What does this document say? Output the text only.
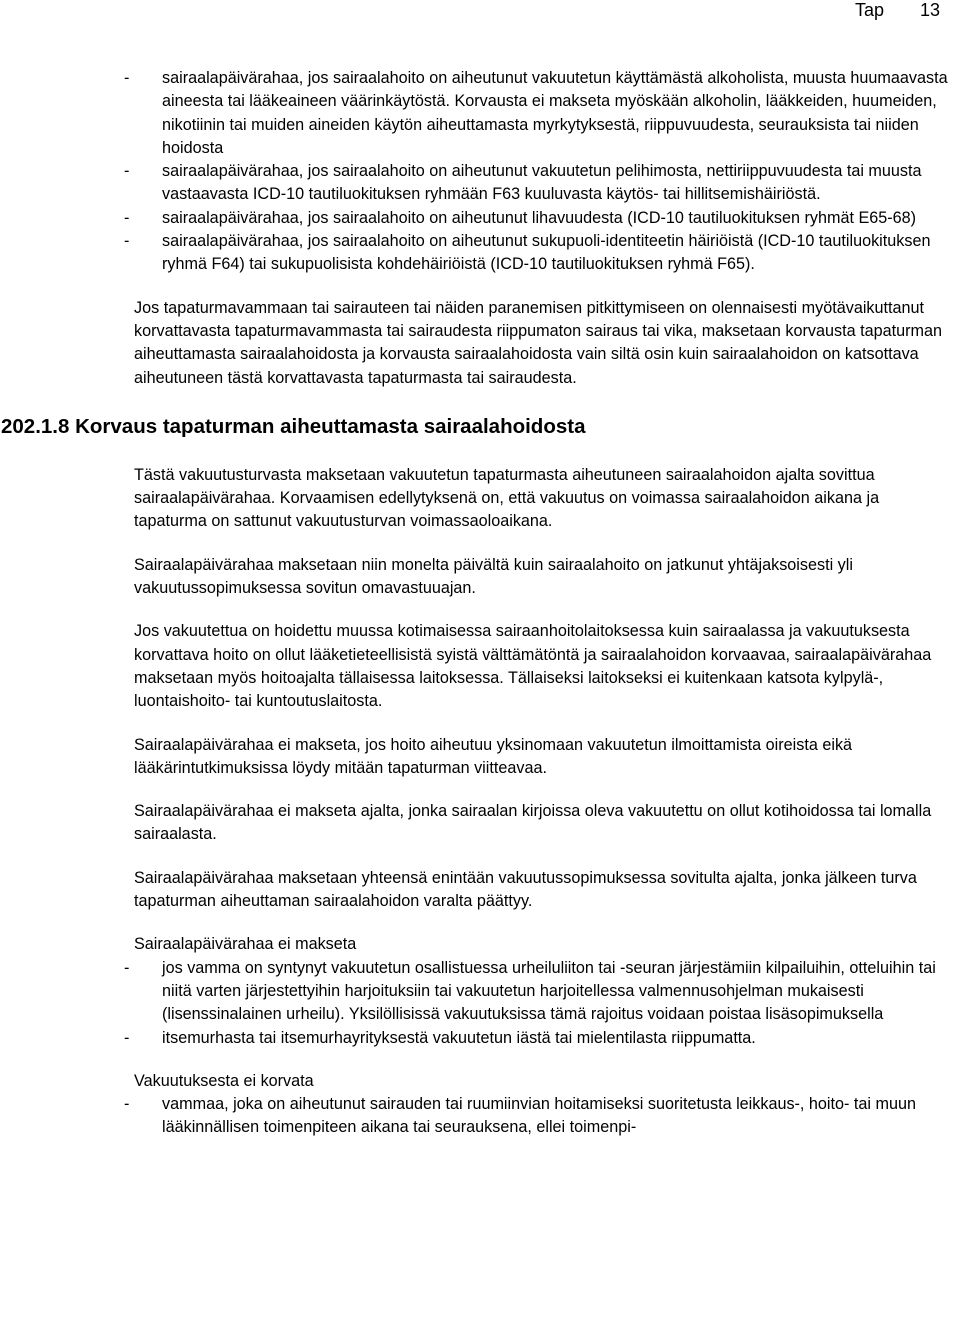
Tap 13
- sairaalapäivärahaa, jos sairaalahoito on aiheutunut vakuutetun käyttämästä alkoholista, muusta huumaavasta aineesta tai lääkeaineen väärinkäytöstä. Korvausta ei makseta myöskään alkoholin, lääkkeiden, huumeiden, nikotiinin tai muiden aineiden käytön aiheuttamasta myrkytyksestä, riippuvuudesta, seurauksista tai niiden hoidosta
- sairaalapäivärahaa, jos sairaalahoito on aiheutunut vakuutetun pelihimosta, nettiriippuvuudesta tai muusta vastaavasta ICD-10 tautiluokituksen ryhmään F63 kuuluvasta käytös- tai hillitsemishäiriöstä.
- sairaalapäivärahaa, jos sairaalahoito on aiheutunut lihavuudesta (ICD-10 tautiluokituksen ryhmät E65-68)
- sairaalapäivärahaa, jos sairaalahoito on aiheutunut sukupuoli-identiteetin häiriöistä (ICD-10 tautiluokituksen ryhmä F64) tai sukupuolisista kohdehäiriöistä (ICD-10 tautiluokituksen ryhmä F65).

Jos tapaturmavammaan tai sairauteen tai näiden paranemisen pitkittymiseen on olennaisesti myötävaikuttanut korvattavasta tapaturmavammasta tai sairaudesta riippumaton sairaus tai vika, maksetaan korvausta tapaturman aiheuttamasta sairaalahoidosta ja korvausta sairaalahoidosta vain siltä osin kuin sairaalahoidon on katsottava aiheutuneen tästä korvattavasta tapaturmasta tai sairaudesta.

202.1.8 Korvaus tapaturman aiheuttamasta sairaalahoidosta

Tästä vakuutusturvasta maksetaan vakuutetun tapaturmasta aiheutuneen sairaalahoidon ajalta sovittua sairaalapäivärahaa. Korvaamisen edellytyksenä on, että vakuutus on voimassa sairaalahoidon aikana ja tapaturma on sattunut vakuutusturvan voimassaoloaikana.

Sairaalapäivärahaa maksetaan niin monelta päivältä kuin sairaalahoito on jatkunut yhtäjaksoisesti yli vakuutussopimuksessa sovitun omavastuuajan.

Jos vakuutettua on hoidettu muussa kotimaisessa sairaanhoitolaitoksessa kuin sairaalassa ja vakuutuksesta korvattava hoito on ollut lääketieteellisistä syistä välttämätöntä ja sairaalahoidon korvaavaa, sairaalapäivärahaa maksetaan myös hoitoajalta tällaisessa laitoksessa. Tällaiseksi laitokseksi ei kuitenkaan katsota kylpylä-, luontaishoito- tai kuntoutuslaitosta.

Sairaalapäivärahaa ei makseta, jos hoito aiheutuu yksinomaan vakuutetun ilmoittamista oireista eikä lääkärintutkimuksissa löydy mitään tapaturman viitteavaa.

Sairaalapäivärahaa ei makseta ajalta, jonka sairaalan kirjoissa oleva vakuutettu on ollut kotihoidossa tai lomalla sairaalasta.

Sairaalapäivärahaa maksetaan yhteensä enintään vakuutussopimuksessa sovitulta ajalta, jonka jälkeen turva tapaturman aiheuttaman sairaalahoidon varalta päättyy.

Sairaalapäivärahaa ei makseta

- jos vamma on syntynyt vakuutetun osallistuessa urheiluliiton tai -seuran järjestämiin kilpailuihin, otteluihin tai niitä varten järjestettyihin harjoituksiin tai vakuutetun harjoitellessa valmennusohjelman mukaisesti (lisenssinalainen urheilu). Yksilöllisissä vakuutuksissa tämä rajoitus voidaan poistaa lisäsopimuksella
- itsemurhasta tai itsemurhayrityksestä vakuutetun iästä tai mielentilasta riippumatta.

Vakuutuksesta ei korvata

- vammaa, joka on aiheutunut sairauden tai ruumiinvian hoitamiseksi suoritetusta leikkaus-, hoito- tai muun lääkinnällisen toimenpiteen aikana tai seurauksena, ellei toimenpi-
